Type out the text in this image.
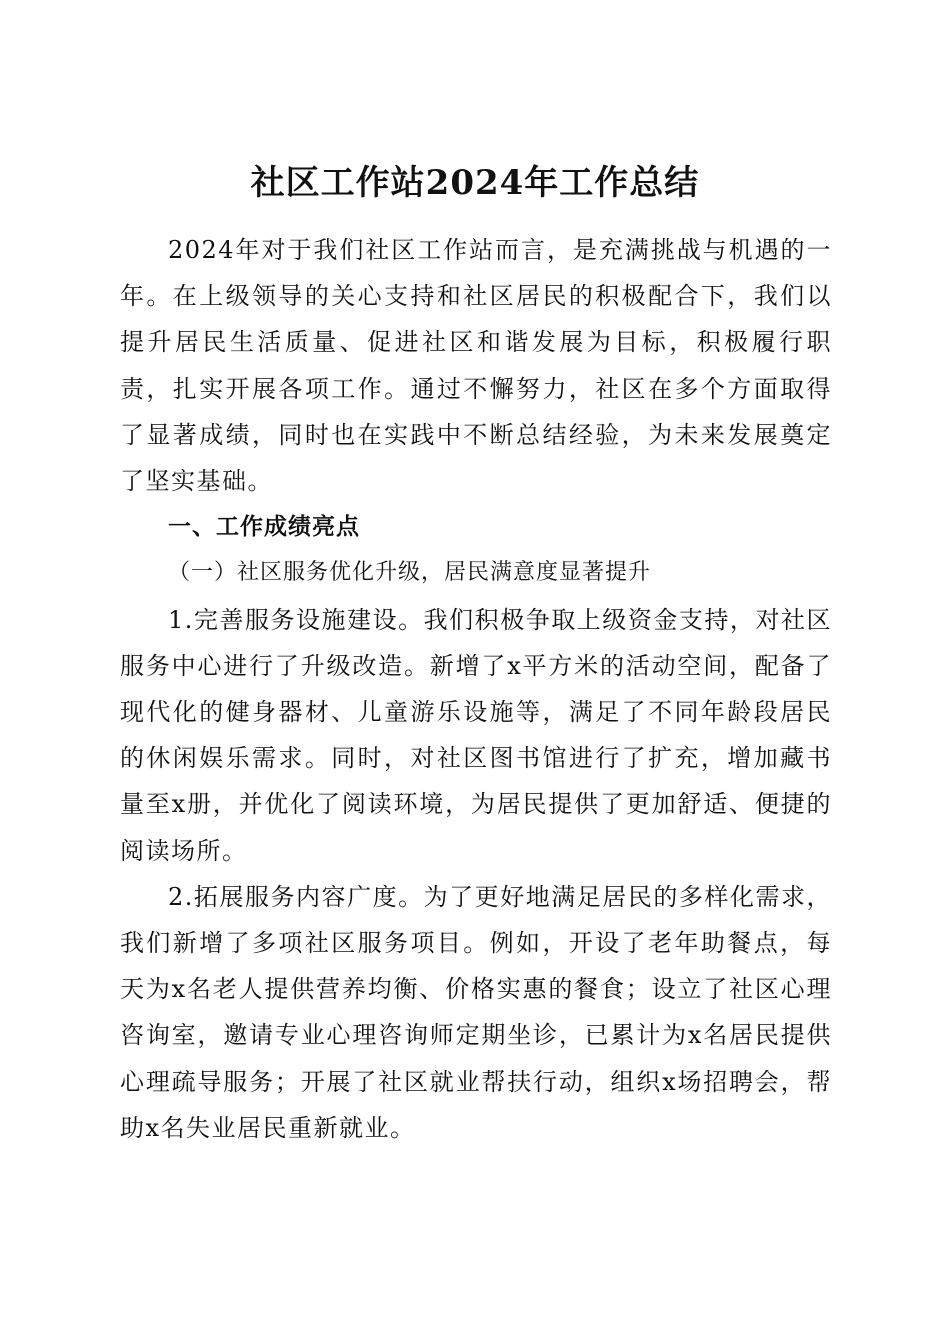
社区工作站2024年工作总结

2024年对于我们社区工作站而言，是充满挑战与机遇的一年。在上级领导的关心支持和社区居民的积极配合下，我们以提升居民生活质量、促进社区和谐发展为目标，积极履行职责，扎实开展各项工作。通过不懈努力，社区在多个方面取得了显著成绩，同时也在实践中不断总结经验，为未来发展奠定了坚实基础。

一、工作成绩亮点

（一）社区服务优化升级，居民满意度显著提升

1.完善服务设施建设。我们积极争取上级资金支持，对社区服务中心进行了升级改造。新增了x平方米的活动空间，配备了现代化的健身器材、儿童游乐设施等，满足了不同年龄段居民的休闲娱乐需求。同时，对社区图书馆进行了扩充，增加藏书量至x册，并优化了阅读环境，为居民提供了更加舒适、便捷的阅读场所。

2.拓展服务内容广度。为了更好地满足居民的多样化需求，我们新增了多项社区服务项目。例如，开设了老年助餐点，每天为x名老人提供营养均衡、价格实惠的餐食；设立了社区心理咨询室，邀请专业心理咨询师定期坐诊，已累计为x名居民提供心理疏导服务；开展了社区就业帮扶行动，组织x场招聘会，帮助x名失业居民重新就业。
